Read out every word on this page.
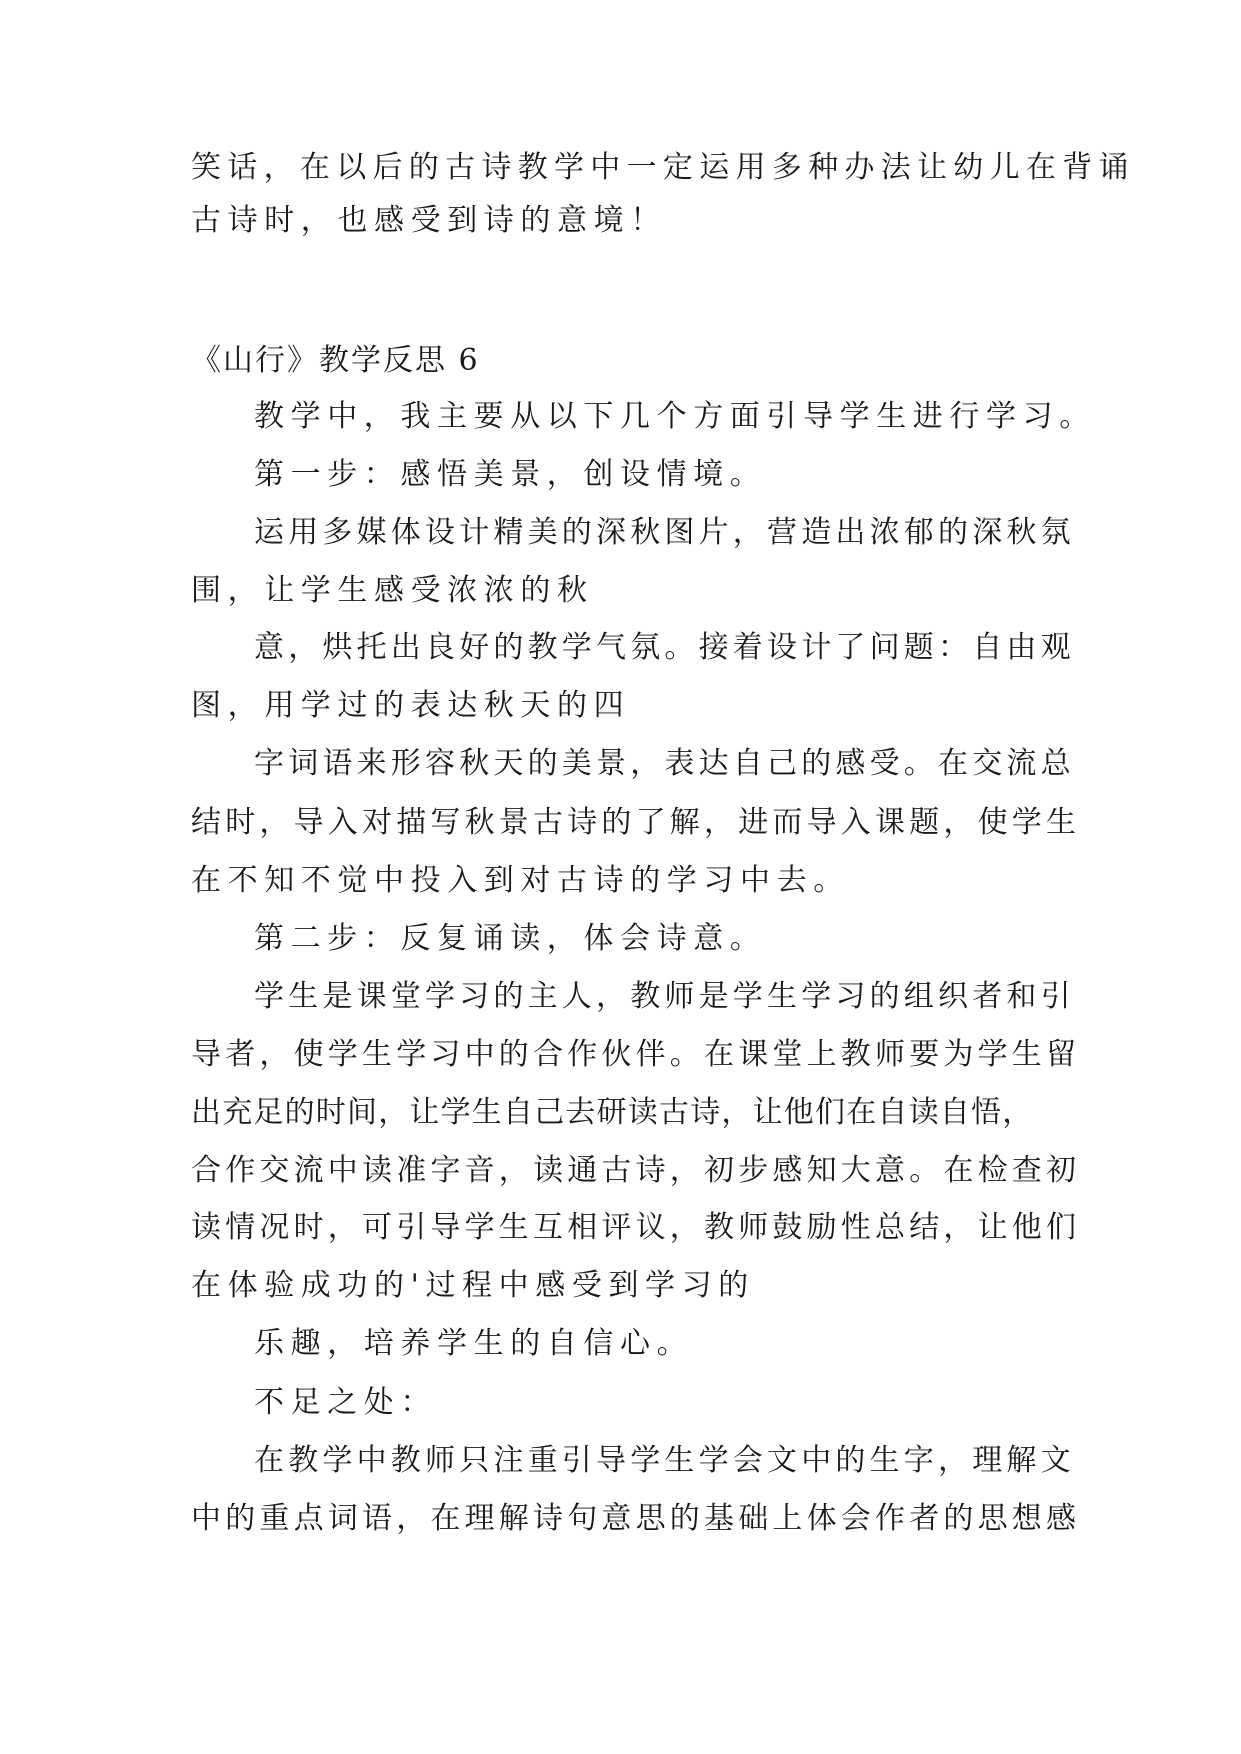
笑话，在以后的古诗教学中一定运用多种办法让幼儿在背诵
古诗时，也感受到诗的意境！
《山行》教学反思 6
教学中，我主要从以下几个方面引导学生进行学习。
第一步：感悟美景，创设情境。
运用多媒体设计精美的深秋图片，营造出浓郁的深秋氛
围，让学生感受浓浓的秋
意，烘托出良好的教学气氛。接着设计了问题：自由观
图，用学过的表达秋天的四
字词语来形容秋天的美景，表达自己的感受。在交流总
结时，导入对描写秋景古诗的了解，进而导入课题，使学生
在不知不觉中投入到对古诗的学习中去。
第二步：反复诵读，体会诗意。
学生是课堂学习的主人，教师是学生学习的组织者和引
导者，使学生学习中的合作伙伴。在课堂上教师要为学生留
出充足的时间，让学生自己去研读古诗，让他们在自读自悟，
合作交流中读准字音，读通古诗，初步感知大意。在检查初
读情况时，可引导学生互相评议，教师鼓励性总结，让他们
在体验成功的'过程中感受到学习的
乐趣，培养学生的自信心。
不足之处：
在教学中教师只注重引导学生学会文中的生字，理解文
中的重点词语，在理解诗句意思的基础上体会作者的思想感
